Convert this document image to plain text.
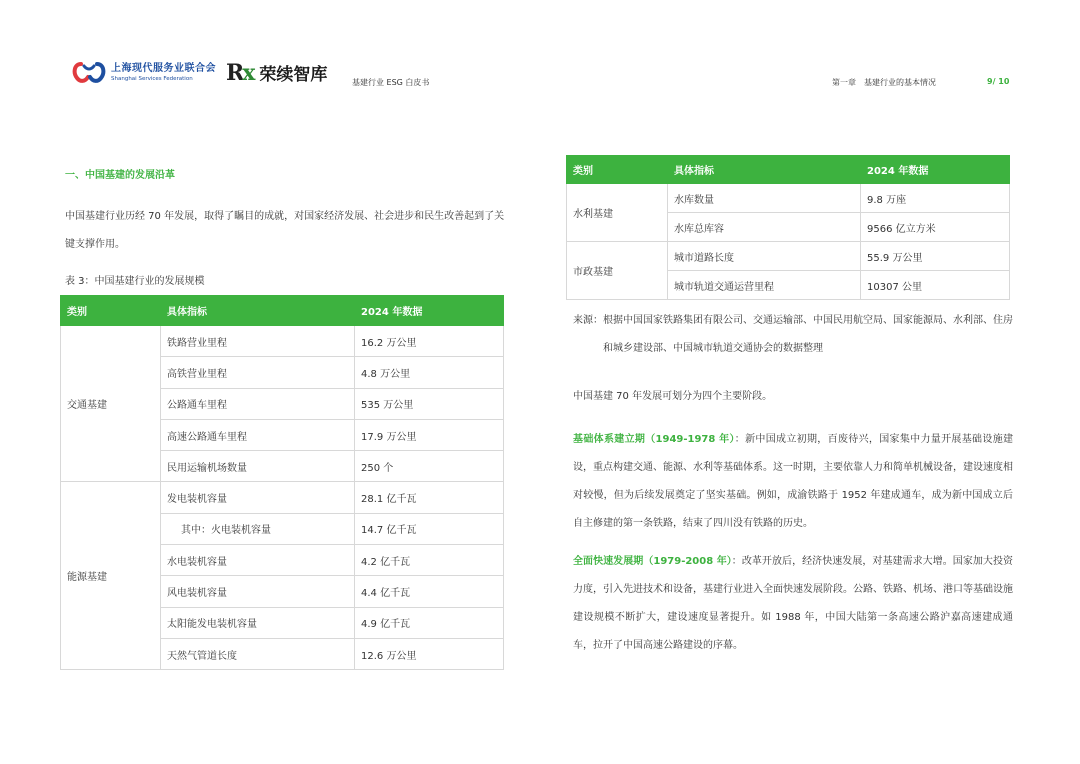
上海现代服务业联合会
Shanghai Services Federation	Rx 荣续智库	基建行业 ESG 白皮书	第一章　基建行业的基本情况	9/ 10
一、中国基建的发展沿革
中国基建行业历经 70 年发展，取得了瞩目的成就，对国家经济发展、社会进步和民生改善起到了关键支撑作用。
表 3：中国基建行业的发展规模
类别	具体指标	2024 年数据
交通基建	铁路营业里程	16.2 万公里
	高铁营业里程	4.8 万公里
	公路通车里程	535 万公里
	高速公路通车里程	17.9 万公里
	民用运输机场数量	250 个
能源基建	发电装机容量	28.1 亿千瓦
	其中：火电装机容量	14.7 亿千瓦
	水电装机容量	4.2 亿千瓦
	风电装机容量	4.4 亿千瓦
	太阳能发电装机容量	4.9 亿千瓦
	天然气管道长度	12.6 万公里
类别	具体指标	2024 年数据
水利基建	水库数量	9.8 万座
	水库总库容	9566 亿立方米
市政基建	城市道路长度	55.9 万公里
	城市轨道交通运营里程	10307 公里
来源：根据中国国家铁路集团有限公司、交通运输部、中国民用航空局、国家能源局、水利部、住房
和城乡建设部、中国城市轨道交通协会的数据整理
中国基建 70 年发展可划分为四个主要阶段。
基础体系建立期（1949-1978 年）：新中国成立初期，百废待兴，国家集中力量开展基础设施建设，重点构建交通、能源、水利等基础体系。这一时期，主要依靠人力和简单机械设备，建设速度相对较慢，但为后续发展奠定了坚实基础。例如，成渝铁路于 1952 年建成通车，成为新中国成立后自主修建的第一条铁路，结束了四川没有铁路的历史。
全面快速发展期（1979-2008 年）：改革开放后，经济快速发展，对基建需求大增。国家加大投资力度，引入先进技术和设备，基建行业进入全面快速发展阶段。公路、铁路、机场、港口等基础设施建设规模不断扩大，建设速度显著提升。如 1988 年，中国大陆第一条高速公路沪嘉高速建成通车，拉开了中国高速公路建设的序幕。
